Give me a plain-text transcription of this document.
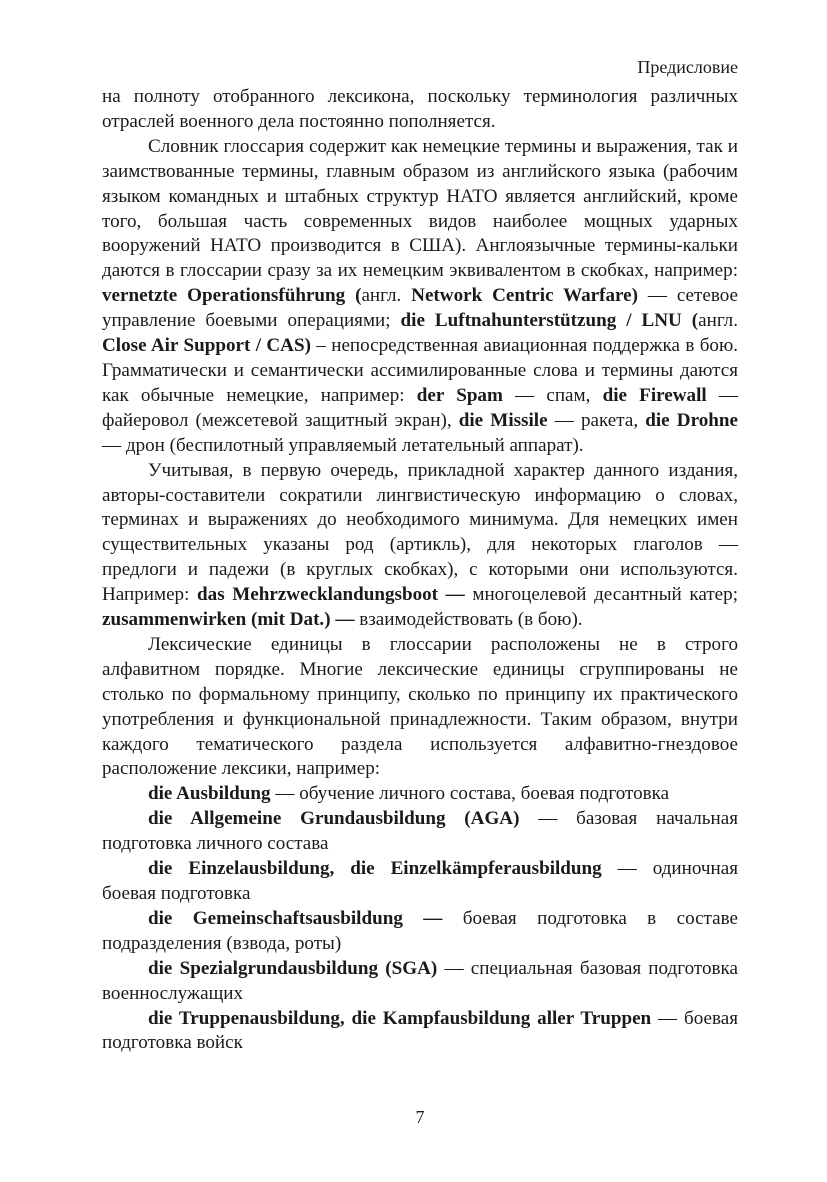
Предисловие

на полноту отобранного лексикона, поскольку терминология различных отраслей военного дела постоянно пополняется.

Словник глоссария содержит как немецкие термины и выражения, так и заимствованные термины, главным образом из английского языка (рабочим языком командных и штабных структур НАТО является английский, кроме того, большая часть современных видов наиболее мощных ударных вооружений НАТО производится в США). Англоязычные термины-кальки даются в глоссарии сразу за их немецким эквивалентом в скобках, например: vernetzte Operationsführung (англ. Network Centric Warfare) — сетевое управление боевыми операциями; die Luftnahunterstützung / LNU (англ. Close Air Support / CAS) – непосредственная авиационная поддержка в бою. Грамматически и семантически ассимилированные слова и термины даются как обычные немецкие, например: der Spam — спам, die Firewall — файеровол (межсетевой защитный экран), die Missile — ракета, die Drohne — дрон (беспилотный управляемый летательный аппарат).

Учитывая, в первую очередь, прикладной характер данного издания, авторы-составители сократили лингвистическую информацию о словах, терминах и выражениях до необходимого минимума. Для немецких имен существительных указаны род (артикль), для некоторых глаголов — предлоги и падежи (в круглых скобках), с которыми они используются. Например: das Mehrzwecklandungsboot — многоцелевой десантный катер; zusammenwirken (mit Dat.) — взаимодействовать (в бою).

Лексические единицы в глоссарии расположены не в строго алфавитном порядке. Многие лексические единицы сгруппированы не столько по формальному принципу, сколько по принципу их практического употребления и функциональной принадлежности. Таким образом, внутри каждого тематического раздела используется алфавитно-гнездовое расположение лексики, например:

die Ausbildung — обучение личного состава, боевая подготовка

die Allgemeine Grundausbildung (AGA) — базовая начальная подготовка личного состава

die Einzelausbildung, die Einzelkämpferausbildung — одиночная боевая подготовка

die Gemeinschaftsausbildung — боевая подготовка в составе подразделения (взвода, роты)

die Spezialgrundausbildung (SGA) — специальная базовая подготовка военнослужащих

die Truppenausbildung, die Kampfausbildung aller Truppen — боевая подготовка войск

7
